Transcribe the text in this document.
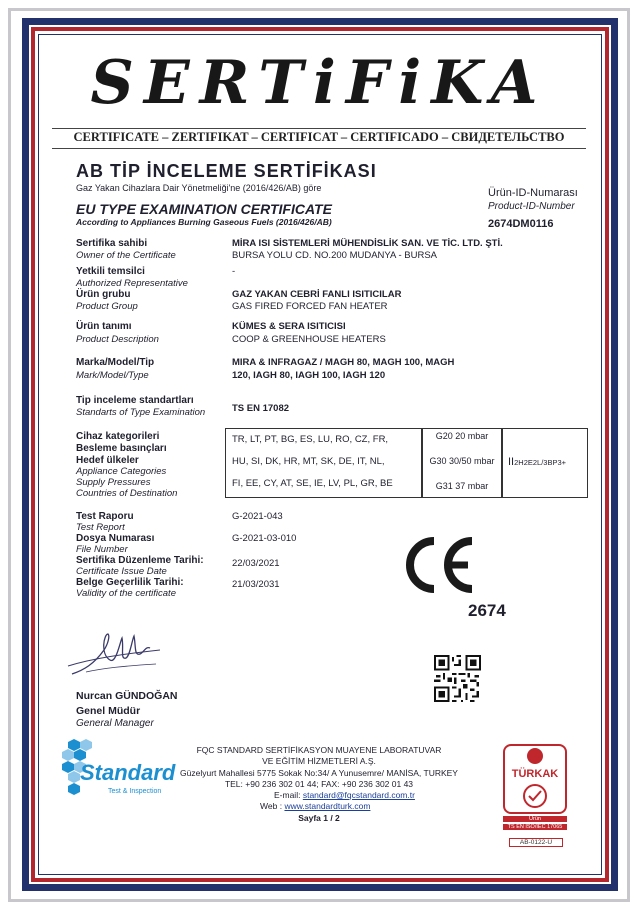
SERTiFiKA
CERTIFICATE – ZERTIFIKAT – CERTIFICAT – CERTIFICADO – СВИДЕТЕЛЬСТВО
AB TİP İNCELEME SERTİFİKASI
Gaz Yakan Cihazlara Dair Yönetmeliği'ne (2016/426/AB) göre
EU TYPE EXAMINATION CERTIFICATE
According to Appliances Burning Gaseous Fuels (2016/426/AB)
Ürün-ID-Numarası
Product-ID-Number
2674DM0116
Sertifika sahibi
Owner of the Certificate
MİRA ISI SİSTEMLERİ MÜHENDİSLİK SAN. VE TİC. LTD. ŞTİ.
BURSA YOLU CD. NO.200 MUDANYA - BURSA
Yetkili temsilci
Authorized Representative
-
Ürün grubu
Product Group
GAZ YAKAN CEBRİ FANLI ISITICILAR
GAS FIRED FORCED FAN HEATER
Ürün tanımı
Product Description
KÜMES & SERA ISITICISI
COOP & GREENHOUSE HEATERS
Marka/Model/Tip
Mark/Model/Type
MIRA & INFRAGAZ / MAGH 80, MAGH 100, MAGH
120, IAGH 80, IAGH 100, IAGH 120
Tip inceleme standartları
Standarts of Type Examination	TS EN 17082
Cihaz kategorileri
Besleme basınçları
Hedef ülkeler
Appliance Categories
Supply Pressures
Countries of Destination
TR, LT, PT, BG, ES, LU, RO, CZ, FR,
HU, SI, DK, HR, MT, SK, DE, IT, NL,
FI, EE, CY, AT, SE, IE, LV, PL, GR, BE
G20 20 mbar
G30 30/50 mbar
G31 37 mbar
II2H2E2L/3BP3+
Test Raporu
Test Report
G-2021-043
Dosya Numarası
File Number
G-2021-03-010
Sertifika Düzenleme Tarihi:
Certificate Issue Date
22/03/2021
Belge Geçerlilik Tarihi:
Validity of the certificate
21/03/2031
2674
Nurcan GÜNDOĞAN
Genel Müdür
General Manager
Standard
Test & Inspection
FQC STANDARD SERTİFİKASYON MUAYENE LABORATUVAR
VE EĞİTİM HİZMETLERİ A.Ş.
Güzelyurt Mahallesi 5775 Sokak No:34/ A Yunusemre/ MANİSA, TURKEY
TEL: +90 236 302 01 44; FAX: +90 236 302 01 43
E-mail: standard@fqcstandard.com.tr
Web : www.standardturk.com
Sayfa 1 / 2
TÜRKAK
Ürün
TS EN ISO/IEC 17065
AB-0122-U
